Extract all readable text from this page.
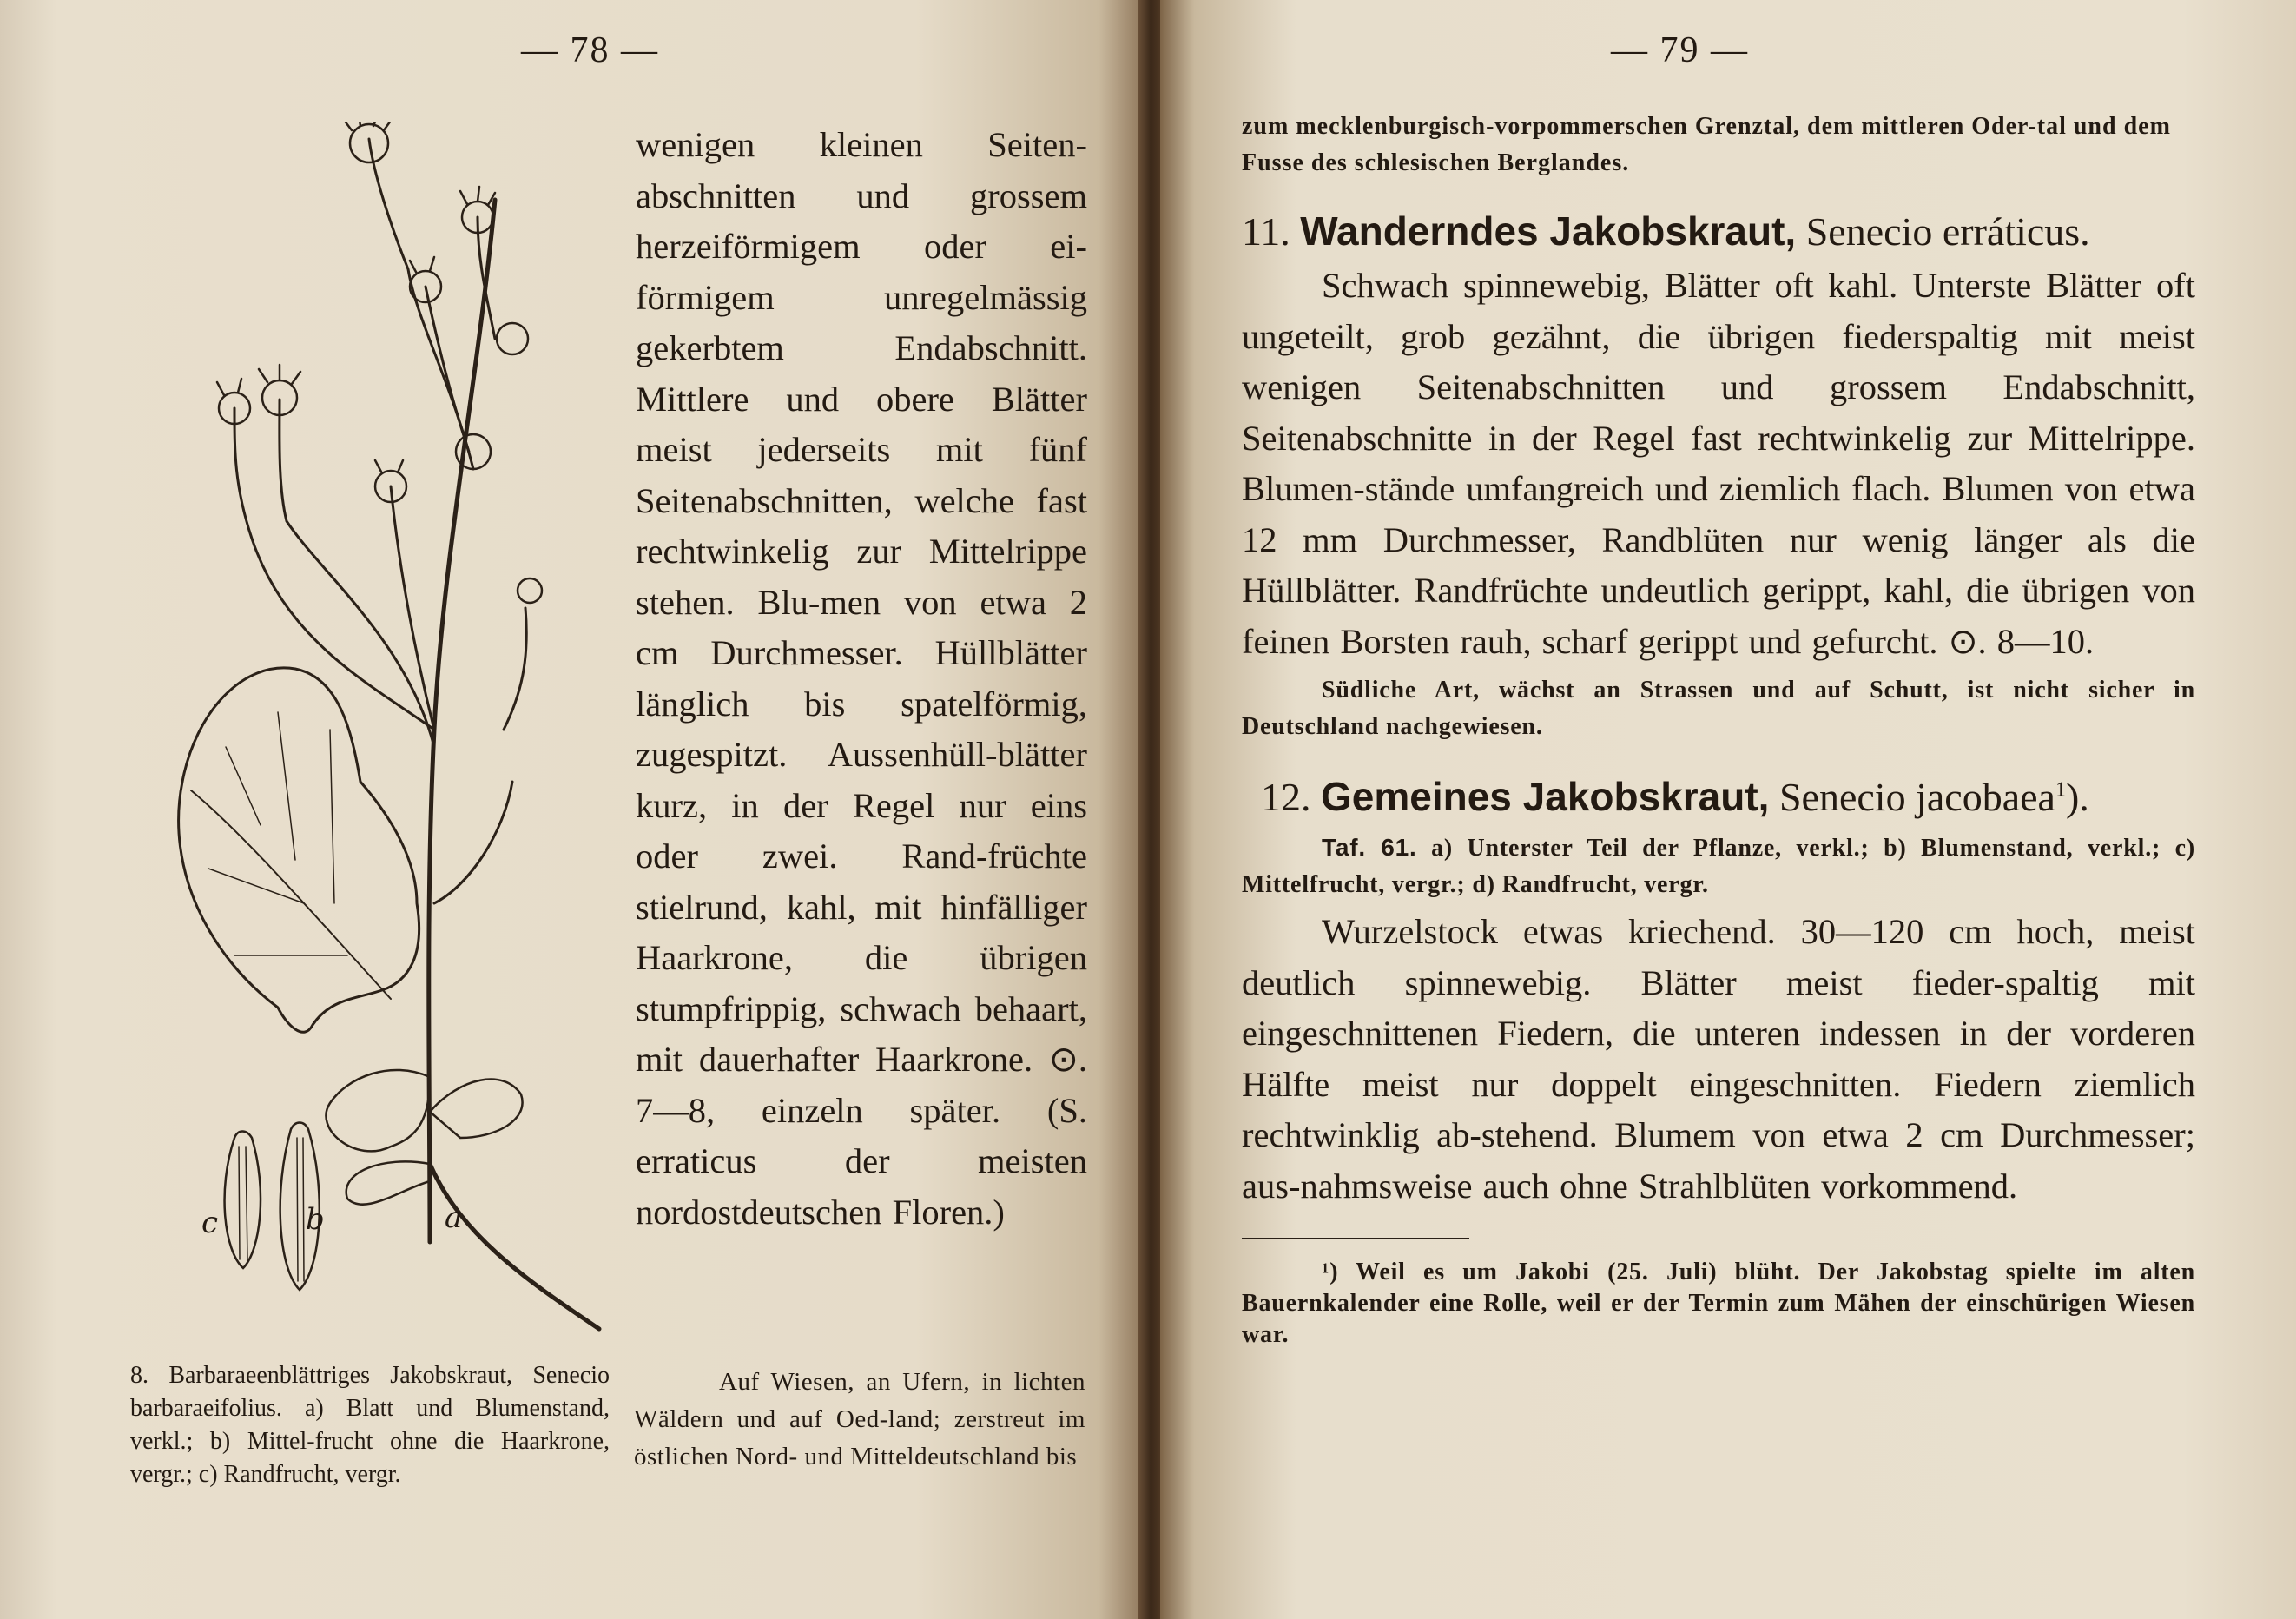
— 78 —
a
b
c

wenigen kleinen Seiten-abschnitten und grossem herzeiförmigem oder ei-förmigem unregelmässig gekerbtem Endabschnitt. Mittlere und obere Blätter meist jederseits mit fünf Seitenabschnitten, welche fast rechtwinkelig zur Mittelrippe stehen. Blu-men von etwa 2 cm Durchmesser. Hüllblätter länglich bis spatelförmig, zugespitzt. Aussenhüll-blätter kurz, in der Regel nur eins oder zwei. Rand-früchte stielrund, kahl, mit hinfälliger Haarkrone, die übrigen stumpfrippig, schwach behaart, mit dauerhafter Haarkrone. ⊙. 7—8, einzeln später. (S. erraticus der meisten nordostdeutschen Floren.)

8. Barbaraeenblättriges Jakobskraut, Senecio barbaraeifolius. a) Blatt und Blumenstand, verkl.; b) Mittel-frucht ohne die Haarkrone, vergr.; c) Randfrucht, vergr.
Auf Wiesen, an Ufern, in lichten Wäldern und auf Oed-land; zerstreut im östlichen Nord- und Mitteldeutschland bis
— 79 —

zum mecklenburgisch-vorpommerschen Grenztal, dem mittleren Oder-tal und dem Fusse des schlesischen Berglandes.

11. Wanderndes Jakobskraut, Senecio erráticus.

Schwach spinnewebig, Blätter oft kahl. Unterste Blätter oft ungeteilt, grob gezähnt, die übrigen fiederspaltig mit meist wenigen Seitenabschnitten und grossem Endabschnitt, Seitenabschnitte in der Regel fast rechtwinkelig zur Mittelrippe. Blumen-stände umfangreich und ziemlich flach. Blumen von etwa 12 mm Durchmesser, Randblüten nur wenig länger als die Hüllblätter. Randfrüchte undeutlich gerippt, kahl, die übrigen von feinen Borsten rauh, scharf gerippt und gefurcht. ⊙. 8—10.

Südliche Art, wächst an Strassen und auf Schutt, ist nicht sicher in Deutschland nachgewiesen.

12. Gemeines Jakobskraut, Senecio jacobaea$^1$).

Taf. 61. a) Unterster Teil der Pflanze, verkl.; b) Blumenstand, verkl.; c) Mittelfrucht, vergr.; d) Randfrucht, vergr.

Wurzelstock etwas kriechend. 30—120 cm hoch, meist deutlich spinnewebig. Blätter meist fieder-spaltig mit eingeschnittenen Fiedern, die unteren indessen in der vorderen Hälfte meist nur doppelt eingeschnitten. Fiedern ziemlich rechtwinklig ab-stehend. Blumem von etwa 2 cm Durchmesser; aus-nahmsweise auch ohne Strahlblüten vorkommend.

¹) Weil es um Jakobi (25. Juli) blüht. Der Jakobstag spielte im alten Bauernkalender eine Rolle, weil er der Termin zum Mähen der einschürigen Wiesen war.
